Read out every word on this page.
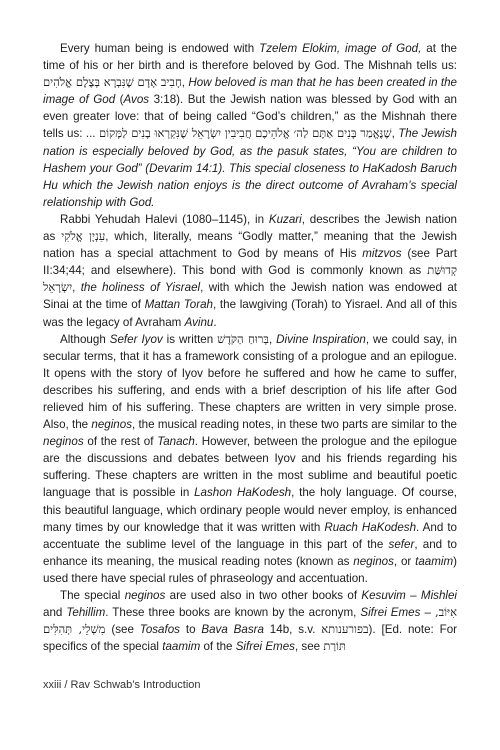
Every human being is endowed with Tzelem Elokim, image of God, at the time of his or her birth and is therefore beloved by God. The Mishnah tells us: חָבִיב אָדָם שֶׁנִּבְרָא בְּצֶלֶם אֱלֹהִים, How beloved is man that he has been created in the image of God (Avos 3:18). But the Jewish nation was blessed by God with an even greater love: that of being called “God’s children,” as the Mishnah there tells us: ... חֲבִיבִין יִשְׂרָאֵל שֶׁנִּקְרְאוּ בָנִים לַמָּקוֹם שֶׁנֶּאֱמַר בָּנִים אַתֶּם לַה׳ אֱלֹהֵיכֶם, The Jewish nation is especially beloved by God, as the pasuk states, “You are children to Hashem your God” (Devarim 14:1). This special closeness to HaKadosh Baruch Hu which the Jewish nation enjoys is the direct outcome of Avraham’s special relationship with God.

Rabbi Yehudah Halevi (1080–1145), in Kuzari, describes the Jewish nation as עִנְיָן אֱלֹקִי, which, literally, means “Godly matter,” meaning that the Jewish nation has a special attachment to God by means of His mitzvos (see Part II:34;44; and elsewhere). This bond with God is commonly known as קְדוּשַּׁת יִשְׂרָאֵל, the holiness of Yisrael, with which the Jewish nation was endowed at Sinai at the time of Mattan Torah, the lawgiving (Torah) to Yisrael. And all of this was the legacy of Avraham Avinu.

Although Sefer Iyov is written בְּרוּחַ הַקֹּדֶשׁ, Divine Inspiration, we could say, in secular terms, that it has a framework consisting of a prologue and an epilogue. It opens with the story of Iyov before he suffered and how he came to suffer, describes his suffering, and ends with a brief description of his life after God relieved him of his suffering. These chapters are written in very simple prose. Also, the neginos, the musical reading notes, in these two parts are similar to the neginos of the rest of Tanach. However, between the prologue and the epilogue are the discussions and debates between Iyov and his friends regarding his suffering. These chapters are written in the most sublime and beautiful poetic language that is possible in Lashon HaKodesh, the holy language. Of course, this beautiful language, which ordinary people would never employ, is enhanced many times by our knowledge that it was written with Ruach HaKodesh. And to accentuate the sublime level of the language in this part of the sefer, and to enhance its meaning, the musical reading notes (known as neginos, or taamim) used there have special rules of phraseology and accentuation.

The special neginos are used also in two other books of Kesuvim – Mishlei and Tehillim. These three books are known by the acronym, Sifrei Emes – אִיּוֹב, מִשְׁלֵי, תְּהִלִּים (see Tosafos to Bava Basra 14b, s.v. בפורענותא). [Ed. note: For specifics of the special taamim of the Sifrei Emes, see תּוֹרַת

xxiii / Rav Schwab’s Introduction
